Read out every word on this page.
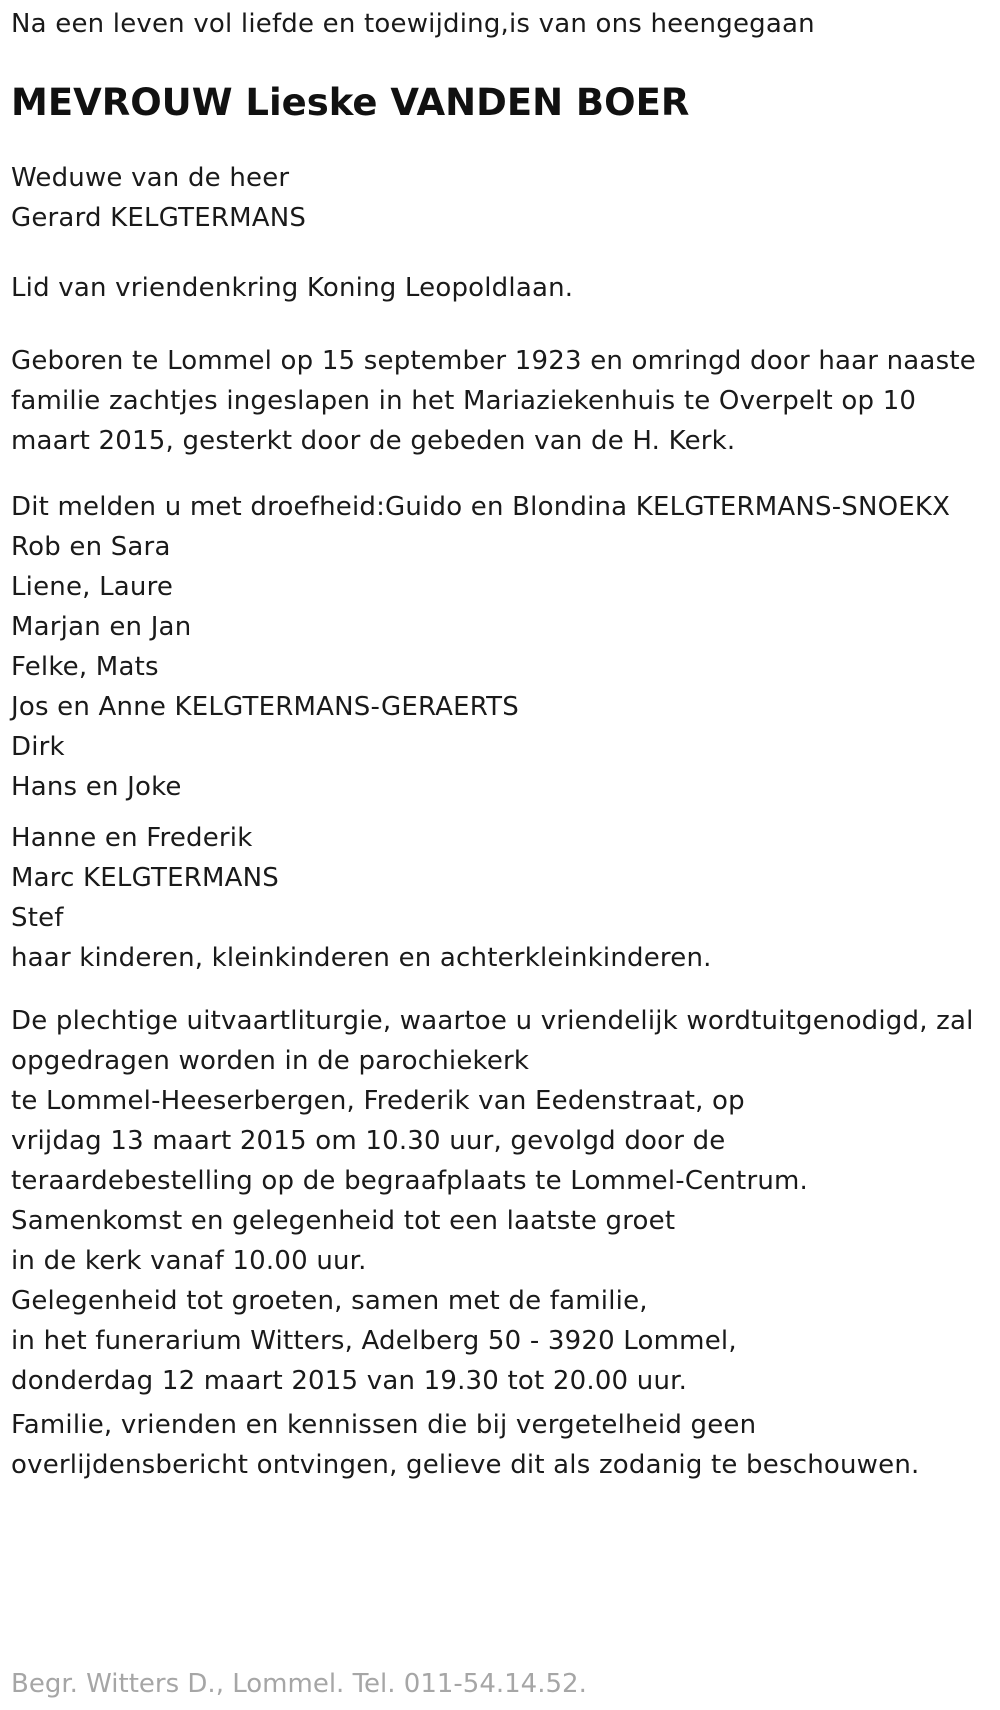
Na een leven vol liefde en toewijding,is van ons heengegaan
MEVROUW Lieske VANDEN BOER
Weduwe van de heer
Gerard KELGTERMANS
Lid van vriendenkring Koning Leopoldlaan.
Geboren te Lommel op 15 september 1923 en omringd door haar naaste
familie zachtjes ingeslapen in het Mariaziekenhuis te Overpelt op 10
maart 2015, gesterkt door de gebeden van de H. Kerk.
Dit melden u met droefheid:Guido en Blondina KELGTERMANS-SNOEKX
Rob en Sara
Liene, Laure
Marjan en Jan
Felke, Mats
Jos en Anne KELGTERMANS-GERAERTS
Dirk
Hans en Joke
Hanne en Frederik
Marc KELGTERMANS
Stef
haar kinderen, kleinkinderen en achterkleinkinderen.
De plechtige uitvaartliturgie, waartoe u vriendelijk wordtuitgenodigd, zal
opgedragen worden in de parochiekerk
te Lommel-Heeserbergen, Frederik van Eedenstraat, op
vrijdag 13 maart 2015 om 10.30 uur, gevolgd door de
teraardebestelling op de begraafplaats te Lommel-Centrum.
Samenkomst en gelegenheid tot een laatste groet
in de kerk vanaf 10.00 uur.
Gelegenheid tot groeten, samen met de familie,
in het funerarium Witters, Adelberg 50 - 3920 Lommel,
donderdag 12 maart 2015 van 19.30 tot 20.00 uur.
Familie, vrienden en kennissen die bij vergetelheid geen
overlijdensbericht ontvingen, gelieve dit als zodanig te beschouwen.
Begr. Witters D., Lommel. Tel. 011-54.14.52.
